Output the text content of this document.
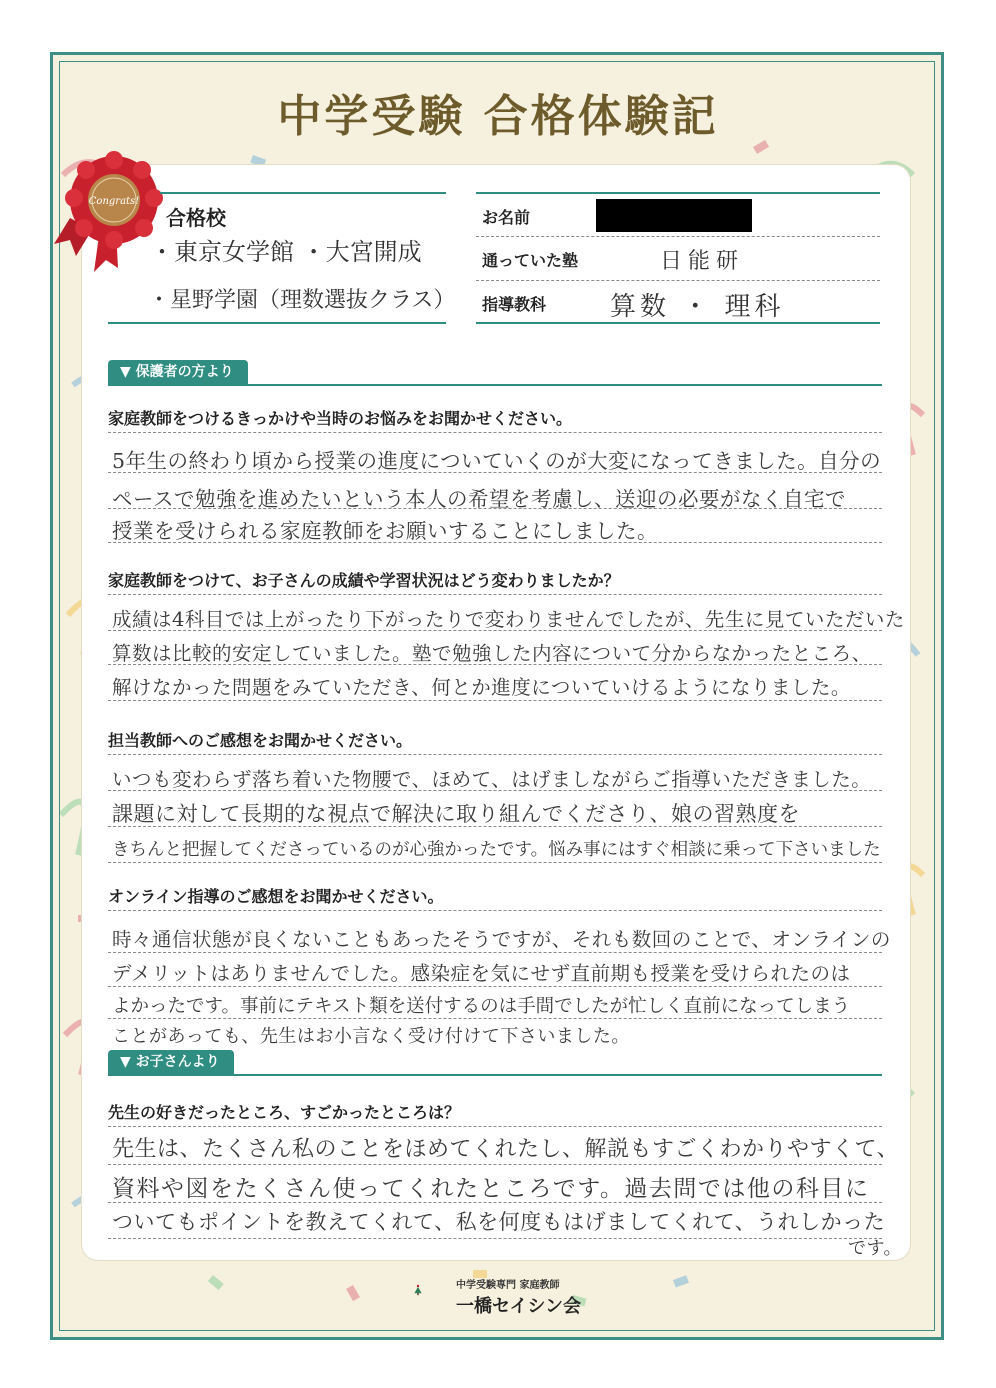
中学受験 合格体験記
Congrats!
合格校
・東京女学館 ・大宮開成
・星野学園（理数選抜クラス）
お名前
通っていた塾	日能研
指導教科 算数 ・ 理科
▼ 保護者の方より
家庭教師をつけるきっかけや当時のお悩みをお聞かせください。
5年生の終わり頃から授業の進度についていくのが大変になってきました。自分の
ペースで勉強を進めたいという本人の希望を考慮し、送迎の必要がなく自宅で
授業を受けられる家庭教師をお願いすることにしました。
家庭教師をつけて、お子さんの成績や学習状況はどう変わりましたか？
成績は4科目では上がったり下がったりで変わりませんでしたが、先生に見ていただいた
算数は比較的安定していました。塾で勉強した内容について分からなかったところ、
解けなかった問題をみていただき、何とか進度についていけるようになりました。
担当教師へのご感想をお聞かせください。
いつも変わらず落ち着いた物腰で、ほめて、はげましながらご指導いただきました。
課題に対して長期的な視点で解決に取り組んでくださり、娘の習熟度を
きちんと把握してくださっているのが心強かったです。悩み事にはすぐ相談に乗って下さいました
オンライン指導のご感想をお聞かせください。
時々通信状態が良くないこともあったそうですが、それも数回のことで、オンラインの
デメリットはありませんでした。感染症を気にせず直前期も授業を受けられたのは
よかったです。事前にテキスト類を送付するのは手間でしたが忙しく直前になってしまう
ことがあっても、先生はお小言なく受け付けて下さいました。
▼ お子さんより
先生の好きだったところ、すごかったところは？
先生は、たくさん私のことをほめてくれたし、解説もすごくわかりやすくて、
資料や図をたくさん使ってくれたところです。過去問では他の科目に
ついてもポイントを教えてくれて、私を何度もはげましてくれて、うれしかった
です。
中学受験専門 家庭教師
一橋セイシン会
